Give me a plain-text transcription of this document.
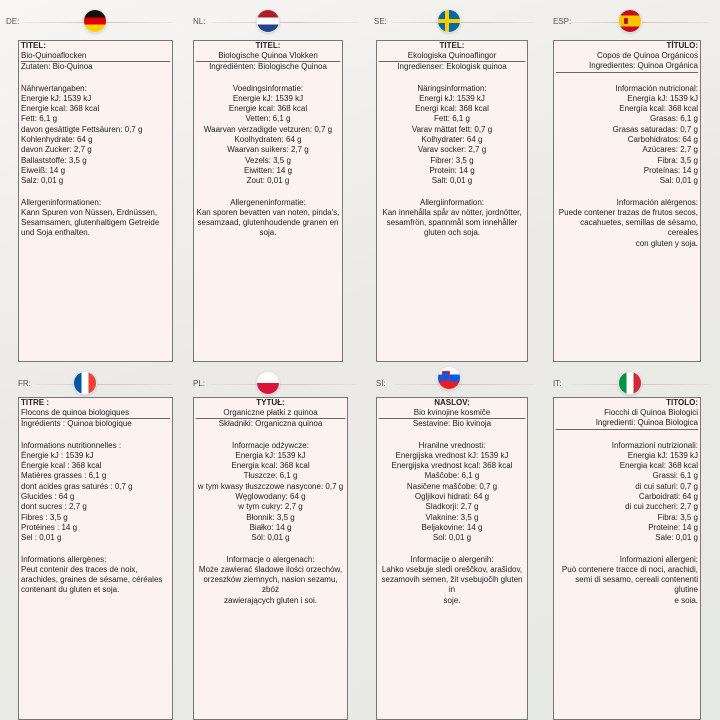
DE:	NL:	SE:	ESP:
TITEL:

Bio-Quinoaflocken

Zutaten: Bio-Quinoa

Nährwertangaben:

Energie kJ: 1539 kJ

Energie kcal: 368 kcal

Fett: 6,1 g

davon gesättigte Fettsäuren: 0,7 g

Kohlenhydrate: 64 g

davon Zucker: 2,7 g

Ballaststoffe: 3,5 g

Eiweiß: 14 g

Salz: 0,01 g

Allergeninformationen:

Kann Spuren von Nüssen, Erdnüssen,

Sesamsamen, glutenhaltigem Getreide

und Soja enthalten.

TITEL:

Biologische Quinoa Vlokken

Ingrediënten: Biologische Quinoa

Voedingsinformatie:

Energie kJ: 1539 kJ

Energie kcal: 368 kcal

Vetten: 6,1 g

Waarvan verzadigde vetzuren: 0,7 g

Koolhydraten: 64 g

Waarvan suikers: 2,7 g

Vezels: 3,5 g

Eiwitten: 14 g

Zout: 0,01 g

Allergeneninformatie:

Kan sporen bevatten van noten, pinda's,

sesamzaad, glutenhoudende granen en

soja.

TITEL:

Ekologiska Quinoaflingor

Ingredienser: Ekologisk quinoa

Näringsinformation:

Energi kJ: 1539 kJ

Energi kcal: 368 kcal

Fett: 6,1 g

Varav mättat fett: 0,7 g

Kolhydrater: 64 g

Varav socker: 2,7 g

Fibrer: 3,5 g

Protein: 14 g

Salt: 0,01 g

Allergiinformation:

Kan innehålla spår av nötter, jordnötter,

sesamfrön, spannmål som innehåller

gluten och soja.

TÍTULO:

Copos de Quinoa Orgánicos

Ingredientes: Quinoa Orgánica

Información nutricional:

Energía kJ: 1539 kJ

Energía kcal: 368 kcal

Grasas: 6,1 g

Grasas saturadas: 0,7 g

Carbohidratos: 64 g

Azúcares: 2,7 g

Fibra: 3,5 g

Proteínas: 14 g

Sal: 0,01 g

Información alérgenos:

Puede contener trazas de frutos secos,

cacahuetes, semillas de sésamo, cereales

con gluten y soja.

FR:	PL:	SI:	IT:
TITRE :

Flocons de quinoa biologiques

Ingrédients : Quinoa biologique

Informations nutritionnelles :

Énergie kJ : 1539 kJ

Énergie kcal : 368 kcal

Matières grasses : 6,1 g

dont acides gras saturés : 0,7 g

Glucides : 64 g

dont sucres : 2,7 g

Fibres : 3,5 g

Protéines : 14 g

Sel : 0,01 g

Informations allergènes:

Peut contenir des traces de noix,

arachides, graines de sésame, céréales

contenant du gluten et soja.

TYTUŁ:

Organiczne płatki z quinoa

Składniki: Organiczna quinoa

Informacje odżywcze:

Energia kJ: 1539 kJ

Energia kcal: 368 kcal

Tłuszcze: 6,1 g

w tym kwasy tłuszczowe nasycone: 0,7 g

Węglowodany: 64 g

w tym cukry: 2,7 g

Błonnik: 3,5 g

Białko: 14 g

Sól: 0,01 g

Informacje o alergenach:

Może zawierać śladowe ilości orzechów,

orzeszków ziemnych, nasion sezamu, zbóż

zawierających gluten i soi.

NASLOV:

Bio kvinojine kosmiče

Sestavine: Bio kvinoja

Hranilne vrednosti:

Energijska vrednost kJ: 1539 kJ

Energijska vrednost kcal: 368 kcal

Maščobe: 6,1 g

Nasičene maščobe: 0,7 g

Ogljikovi hidrati: 64 g

Sladkorji: 2,7 g

Vlaknine: 3,5 g

Beljakovine: 14 g

Sol: 0,01 g

Informacije o alergenih:

Lahko vsebuje sledi oreščkov, arašidov,

sezamovih semen, žit vsebujočih gluten in

soje.

TITOLO:

Fiocchi di Quinoa Biologici

Ingredienti: Quinoa Biologica

Informazioni nutrizionali:

Energia kJ: 1539 kJ

Energia kcal: 368 kcal

Grassi: 6,1 g

di cui saturi: 0,7 g

Carboidrati: 64 g

di cui zuccheri: 2,7 g

Fibra: 3,5 g

Proteine: 14 g

Sale: 0,01 g

Informazioni allergeni:

Può contenere tracce di noci, arachidi,

semi di sesamo, cereali contenenti glutine

e soia.
